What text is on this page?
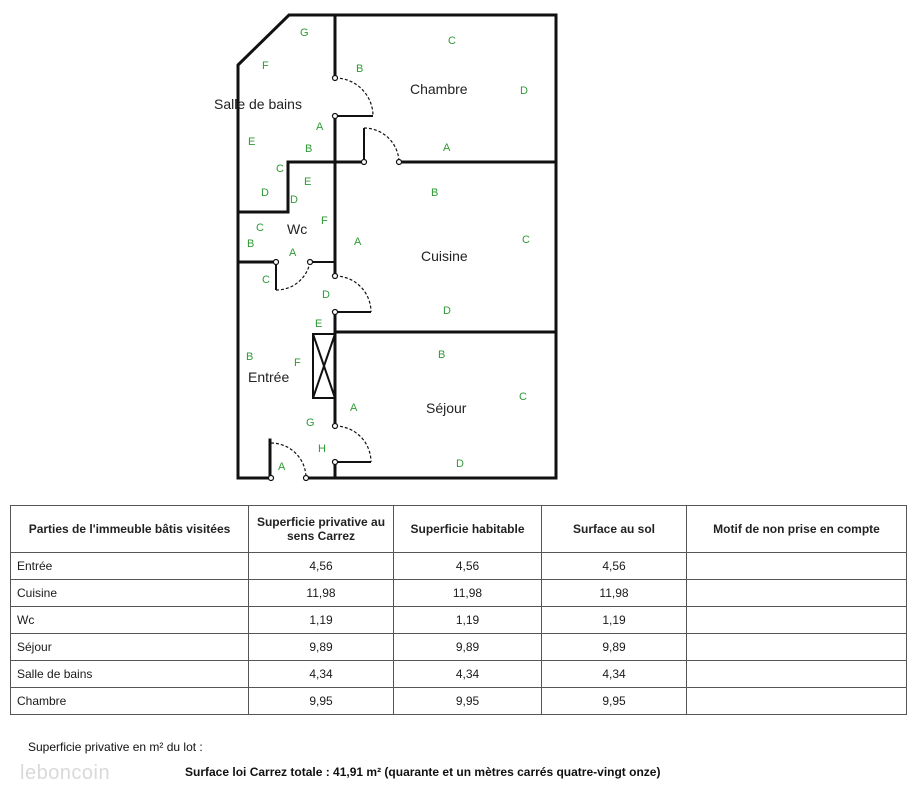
Salle de bains
Chambre
Wc
Cuisine
Entrée
Séjour
G
F	B
A
E
B
C
D
C
D
A
E
D
C
F
B
A
C
B
A	C
D
D
E
B	F
G
H
A
B
A
C
D
Parties de l'immeuble bâtis visitées	Superficie privative au sens Carrez	Superficie habitable	Surface au sol	Motif de non prise en compte
Entrée	4,56	4,56	4,56	
Cuisine	11,98	11,98	11,98	
Wc	1,19	1,19	1,19	
Séjour	9,89	9,89	9,89	
Salle de bains	4,34	4,34	4,34	
Chambre	9,95	9,95	9,95	
Superficie privative en m² du lot :
Surface loi Carrez totale : 41,91 m² (quarante et un mètres carrés quatre-vingt onze)
leboncoin
